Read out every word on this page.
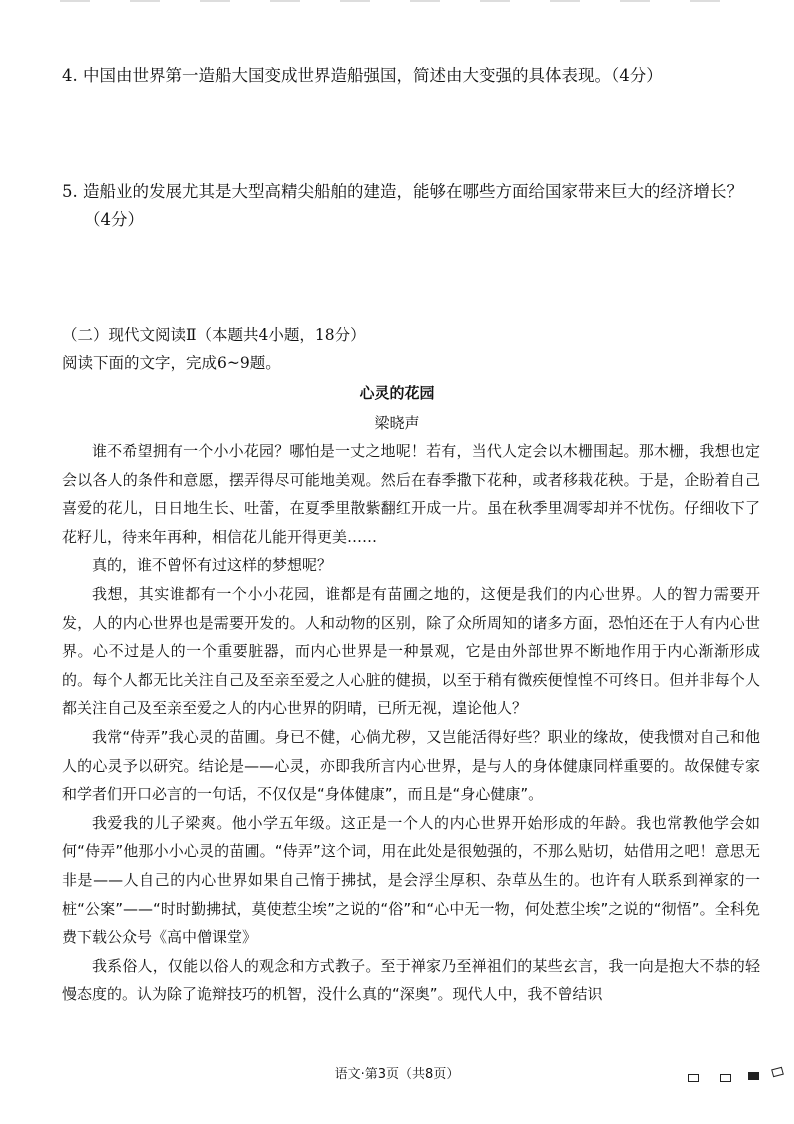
4. 中国由世界第一造船大国变成世界造船强国，简述由大变强的具体表现。（4分）
5. 造船业的发展尤其是大型高精尖船舶的建造，能够在哪些方面给国家带来巨大的经济增长？
（4分）
（二）现代文阅读Ⅱ（本题共4小题，18分）
阅读下面的文字，完成6~9题。
心灵的花园
梁晓声

谁不希望拥有一个小小花园？哪怕是一丈之地呢！若有，当代人定会以木栅围起。那木栅，我想也定会以各人的条件和意愿，摆弄得尽可能地美观。然后在春季撒下花种，或者移栽花秧。于是，企盼着自己喜爱的花儿，日日地生长、吐蕾，在夏季里散紫翻红开成一片。虽在秋季里凋零却并不忧伤。仔细收下了花籽儿，待来年再种，相信花儿能开得更美……

真的，谁不曾怀有过这样的梦想呢？

我想，其实谁都有一个小小花园，谁都是有苗圃之地的，这便是我们的内心世界。人的智力需要开发，人的内心世界也是需要开发的。人和动物的区别，除了众所周知的诸多方面，恐怕还在于人有内心世界。心不过是人的一个重要脏器，而内心世界是一种景观，它是由外部世界不断地作用于内心渐渐形成的。每个人都无比关注自己及至亲至爱之人心脏的健损，以至于稍有微疾便惶惶不可终日。但并非每个人都关注自己及至亲至爱之人的内心世界的阴晴，已所无视，遑论他人？

我常“侍弄”我心灵的苗圃。身已不健，心倘尤秽，又岂能活得好些？职业的缘故，使我惯对自己和他人的心灵予以研究。结论是——心灵，亦即我所言内心世界，是与人的身体健康同样重要的。故保健专家和学者们开口必言的一句话，不仅仅是“身体健康”，而且是“身心健康”。

我爱我的儿子梁爽。他小学五年级。这正是一个人的内心世界开始形成的年龄。我也常教他学会如何“侍弄”他那小小心灵的苗圃。“侍弄”这个词，用在此处是很勉强的，不那么贴切，姑借用之吧！意思无非是——人自己的内心世界如果自己惰于拂拭，是会浮尘厚积、杂草丛生的。也许有人联系到禅家的一桩“公案”——“时时勤拂拭，莫使惹尘埃”之说的“俗”和“心中无一物，何处惹尘埃”之说的“彻悟”。全科免费下载公众号《高中僧课堂》

我系俗人，仅能以俗人的观念和方式教子。至于禅家乃至禅祖们的某些玄言，我一向是抱大不恭的轻慢态度的。认为除了诡辩技巧的机智，没什么真的“深奥”。现代人中，我不曾结识

语文·第3页（共8页）
